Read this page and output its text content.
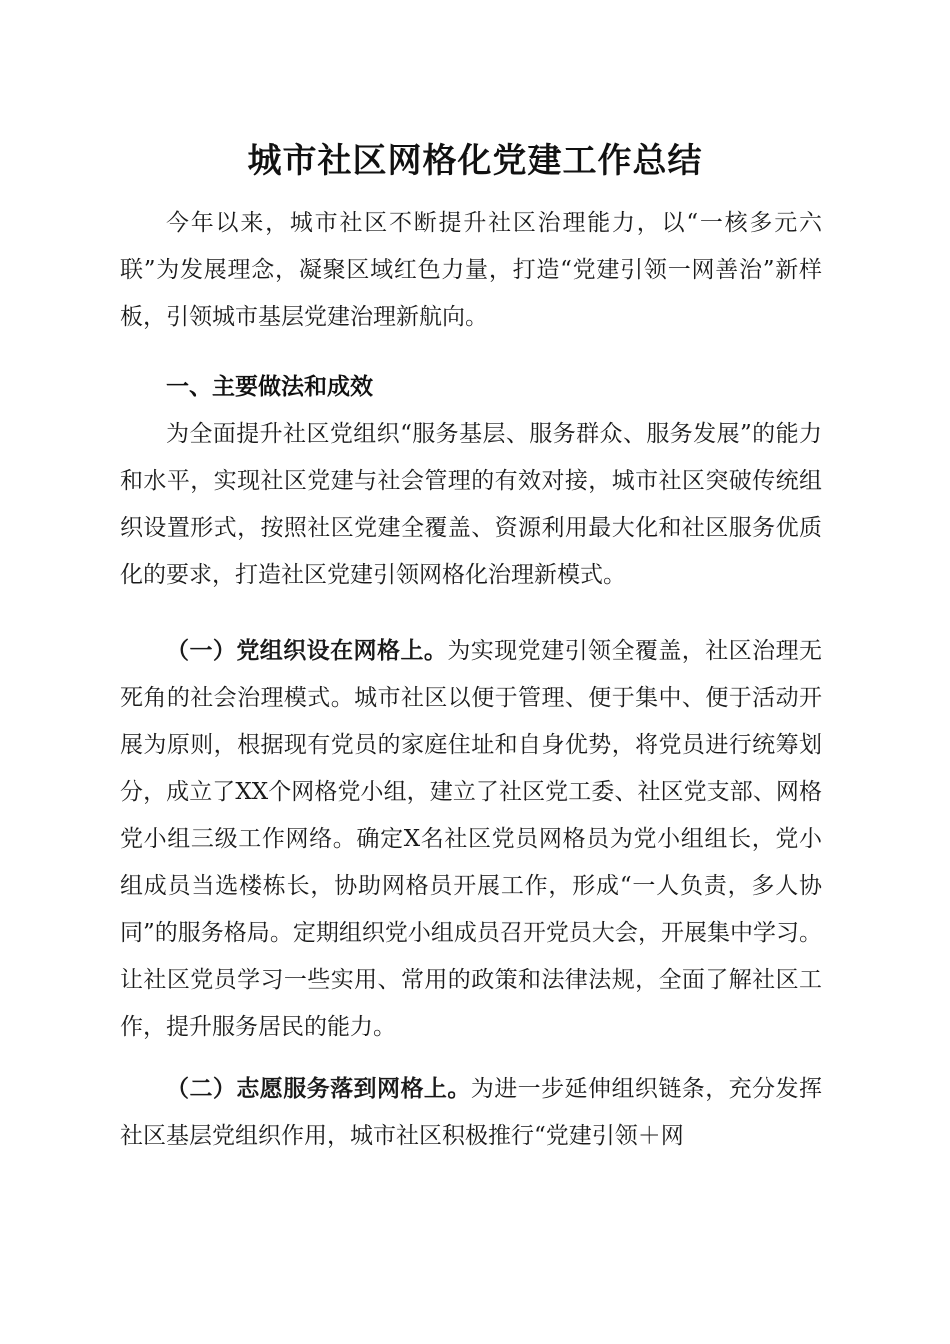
城市社区网格化党建工作总结

今年以来，城市社区不断提升社区治理能力，以“一核多元六联”为发展理念，凝聚区域红色力量，打造“党建引领一网善治”新样板，引领城市基层党建治理新航向。

一、主要做法和成效

为全面提升社区党组织“服务基层、服务群众、服务发展”的能力和水平，实现社区党建与社会管理的有效对接，城市社区突破传统组织设置形式，按照社区党建全覆盖、资源利用最大化和社区服务优质化的要求，打造社区党建引领网格化治理新模式。

（一）党组织设在网格上。为实现党建引领全覆盖，社区治理无死角的社会治理模式。城市社区以便于管理、便于集中、便于活动开展为原则，根据现有党员的家庭住址和自身优势，将党员进行统筹划分，成立了XX个网格党小组，建立了社区党工委、社区党支部、网格党小组三级工作网络。确定X名社区党员网格员为党小组组长，党小组成员当选楼栋长，协助网格员开展工作，形成“一人负责，多人协同”的服务格局。定期组织党小组成员召开党员大会，开展集中学习。让社区党员学习一些实用、常用的政策和法律法规，全面了解社区工作，提升服务居民的能力。

（二）志愿服务落到网格上。为进一步延伸组织链条，充分发挥社区基层党组织作用，城市社区积极推行“党建引领＋网
